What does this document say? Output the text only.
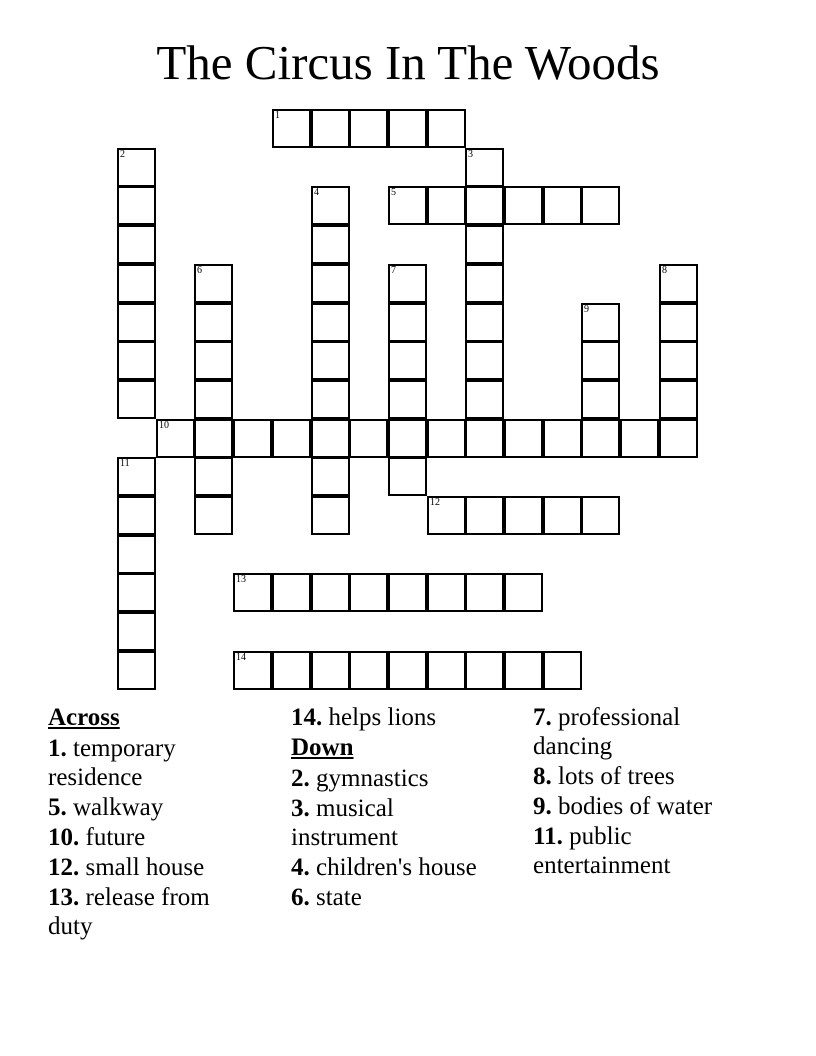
The Circus In The Woods
1
2	3
4	5
6	7	8
9
10
11
12
13
14
Across
1. temporary residence
5. walkway
10. future
12. small house
13. release from duty
14. helps lions
Down
2. gymnastics
3. musical instrument
4. children's house
6. state
7. professional dancing
8. lots of trees
9. bodies of water
11. public entertainment
